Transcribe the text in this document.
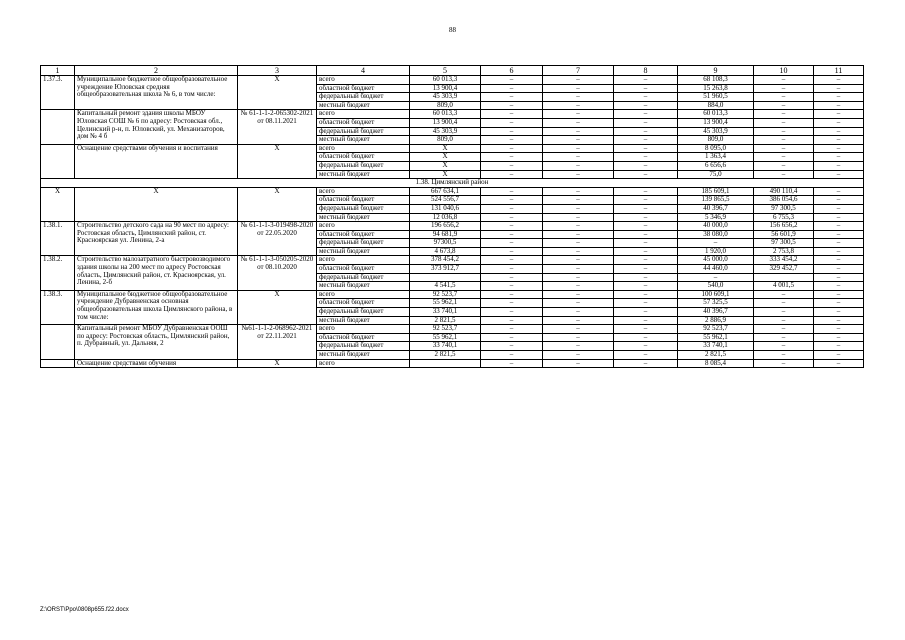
88
1	2	3	4	5	6	7	8	9	10	11
1.37.3.	Муниципальное бюджетное общеобразовательное учреждение Юловская средняя общеобразовательная школа № 6, в том числе:	X	всего	60 013,3	–	–	–	68 108,3	–	–
			областной бюджет	13 900,4	–	–	–	15 263,8	–	–
			федеральный бюджет	45 303,9	–	–	–	51 960,5	–	–
			местный бюджет	809,0	–	–	–	884,0	–	–
	Капитальный ремонт здания школы МБОУ Юловская СОШ № 6 по адресу: Ростовская обл., Целинский р-н, п. Юловский, ул. Механизаторов, дом № 4 б	№ 61-1-1-2-065302-2021 от 08.11.2021	всего	60 013,3	–	–	–	60 013,3	–	–
			областной бюджет	13 900,4	–	–	–	13 900,4	–	–
			федеральный бюджет	45 303,9	–	–	–	45 303,9	–	–
			местный бюджет	809,0	–	–	–	809,0	–	–
	Оснащение средствами обучения и воспитания	X	всего	X	–	–	–	8 095,0	–	–
			областной бюджет	X	–	–	–	1 363,4	–	–
			федеральный бюджет	X	–	–	–	6 656,6	–	–
			местный бюджет	X	–	–	–	75,0	–	–
1.38. Цимлянский район										
X	X	X	всего	667 634,1	–	–	–	185 609,1	490 110,4	–
			областной бюджет	524 556,7	–	–	–	139 865,5	386 054,6	–
			федеральный бюджет	131 040,6	–	–	–	40 396,7	97 300,5	–
			местный бюджет	12 036,8	–	–	–	5 346,9	6 755,3	–
1.38.1.	Строительство детского сада на 90 мест по адресу: Ростовская область, Цимлянский район, ст. Красноярская ул. Ленина, 2-а	№ 61-1-1-3-019498-2020 от 22.05.2020	всего	196 656,2	–	–	–	40 000,0	156 656,2	–
			областной бюджет	94 681,9	–	–	–	38 080,0	56 601,9	–
			федеральный бюджет	97300,5	–	–	–	–	97 300,5	–
			местный бюджет	4 673,8	–	–	–	1 920,0	2 753,8	–
1.38.2.	Строительство малозатратного быстровозводимого здания школы на 200 мест по адресу Ростовская область, Цимлянский район, ст. Красноярская, ул. Ленина, 2-б	№ 61-1-1-3-050205-2020 от 08.10.2020	всего	378 454,2	–	–	–	45 000,0	333 454,2	–
			областной бюджет	373 912,7	–	–	–	44 460,0	329 452,7	–
			федеральный бюджет		–	–	–	–		–
			местный бюджет	4 541,5	–	–	–	540,0	4 001,5	–
1.38.3.	Муниципальное бюджетное общеобразовательное учреждение Дубравненская основная общеобразовательная школа Цимлянского района, в том числе:	X	всего	92 523,7	–	–	–	100 609,1	–	–
			областной бюджет	55 962,1	–	–	–	57 325,5	–	–
			федеральный бюджет	33 740,1	–	–	–	40 396,7	–	–
			местный бюджет	2 821,5	–	–	–	2 886,9	–	–
	Капитальный ремонт МБОУ Дубравненская ООШ по адресу: Ростовская область, Цимлянский район, п. Дубравный, ул. Дальняя, 2	№61-1-1-2-068962-2021 от 22.11.2021	всего	92 523,7	–	–	–	92 523,7	–	–
			областной бюджет	55 962,1	–	–	–	55 962,1	–	–
			федеральный бюджет	33 740,1	–	–	–	33 740,1	–	–
			местный бюджет	2 821,5	–	–	–	2 821,5	–	–
	Оснащение средствами обучения	X	всего		–	–	–	8 085,4	–	–
Z:\ORST\Ppo\0808p655.f22.docx
